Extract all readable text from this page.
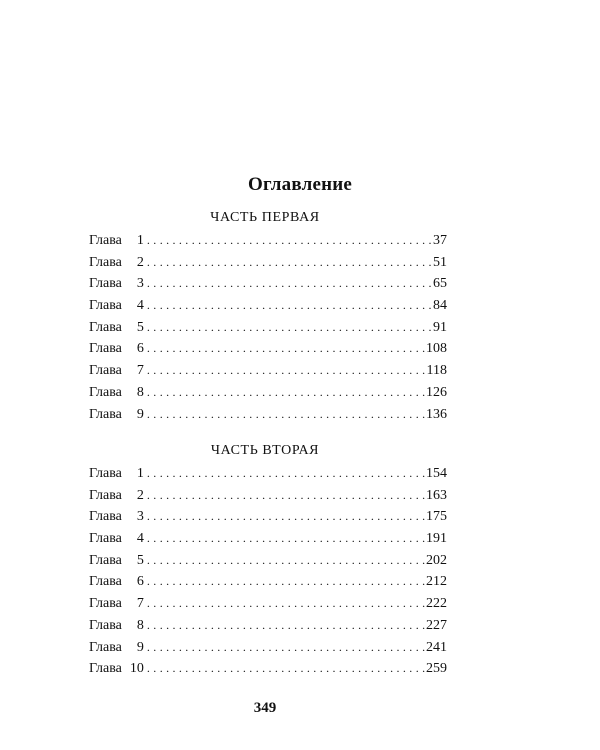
Оглавление
ЧАСТЬ ПЕРВАЯ
Глава	1 . . .	37
Глава	2 . . .	51
Глава	3 . . .	65
Глава	4 . . .	84
Глава	5 . . .	91
Глава	6 . . .	108
Глава	7 . . .	118
Глава	8 . . .	126
Глава	9 . . .	136
ЧАСТЬ ВТОРАЯ
Глава	1 . . .	154
Глава	2 . . .	163
Глава	3 . . .	175
Глава	4 . . .	191
Глава	5 . . .	202
Глава	6 . . .	212
Глава	7 . . .	222
Глава	8 . . .	227
Глава	9 . . .	241
Глава 10 . . .	259
349
